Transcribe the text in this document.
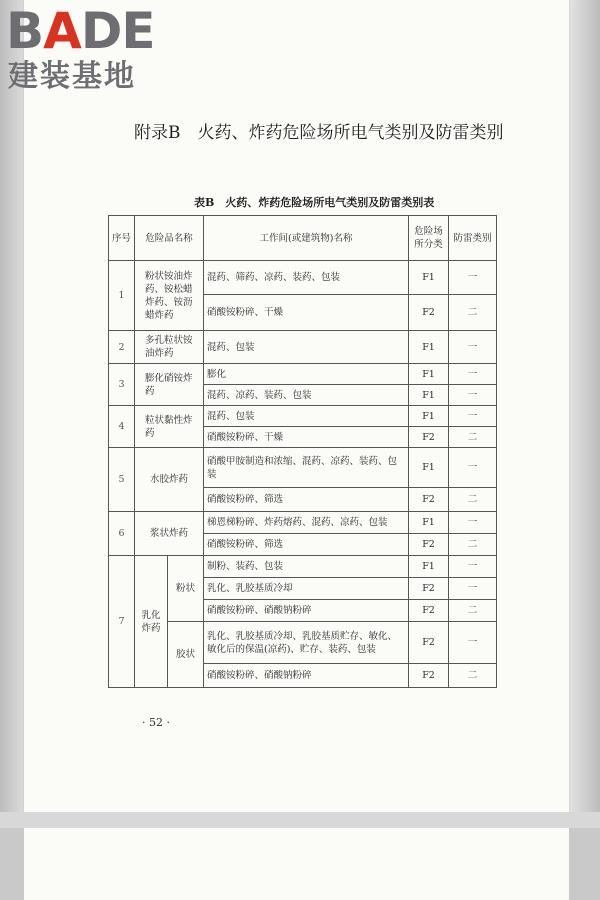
附录B　火药、炸药危险场所电气类别及防雷类别
表B　火药、炸药危险场所电气类别及防雷类别表
· 52 ·
BADE
建装基地
序号	危险品名称		工作间(或建筑物)名称	危险场所分类	防雷类别
1	粉状铵油炸药、铵松蜡炸药、铵沥蜡炸药		混药、筛药、凉药、装药、包装	F1	一
			硝酸铵粉碎、干燥	F2	二
2	多孔粒状铵油炸药		混药、包装	F1	一
3	膨化硝铵炸药		膨化	F1	一
			混药、凉药、装药、包装	F1	一
4	粒状黏性炸药		混药、包装	F1	一
			硝酸铵粉碎、干燥	F2	二
5	水胶炸药		硝酸甲胺制造和浓缩、混药、凉药、装药、包装	F1	一
			硝酸铵粉碎、筛选	F2	二
6	浆状炸药		梯恩梯粉碎、炸药熔药、混药、凉药、包装	F1	一
			硝酸铵粉碎、筛选	F2	二
7	乳化炸药	粉状	制粉、装药、包装	F1	一
			乳化、乳胶基质冷却	F2	一
			硝酸铵粉碎、硝酸钠粉碎	F2	二
		胶状	乳化、乳胶基质冷却、乳胶基质贮存、敏化、敏化后的保温(凉药)、贮存、装药、包装	F2	一
			硝酸铵粉碎、硝酸钠粉碎	F2	二
